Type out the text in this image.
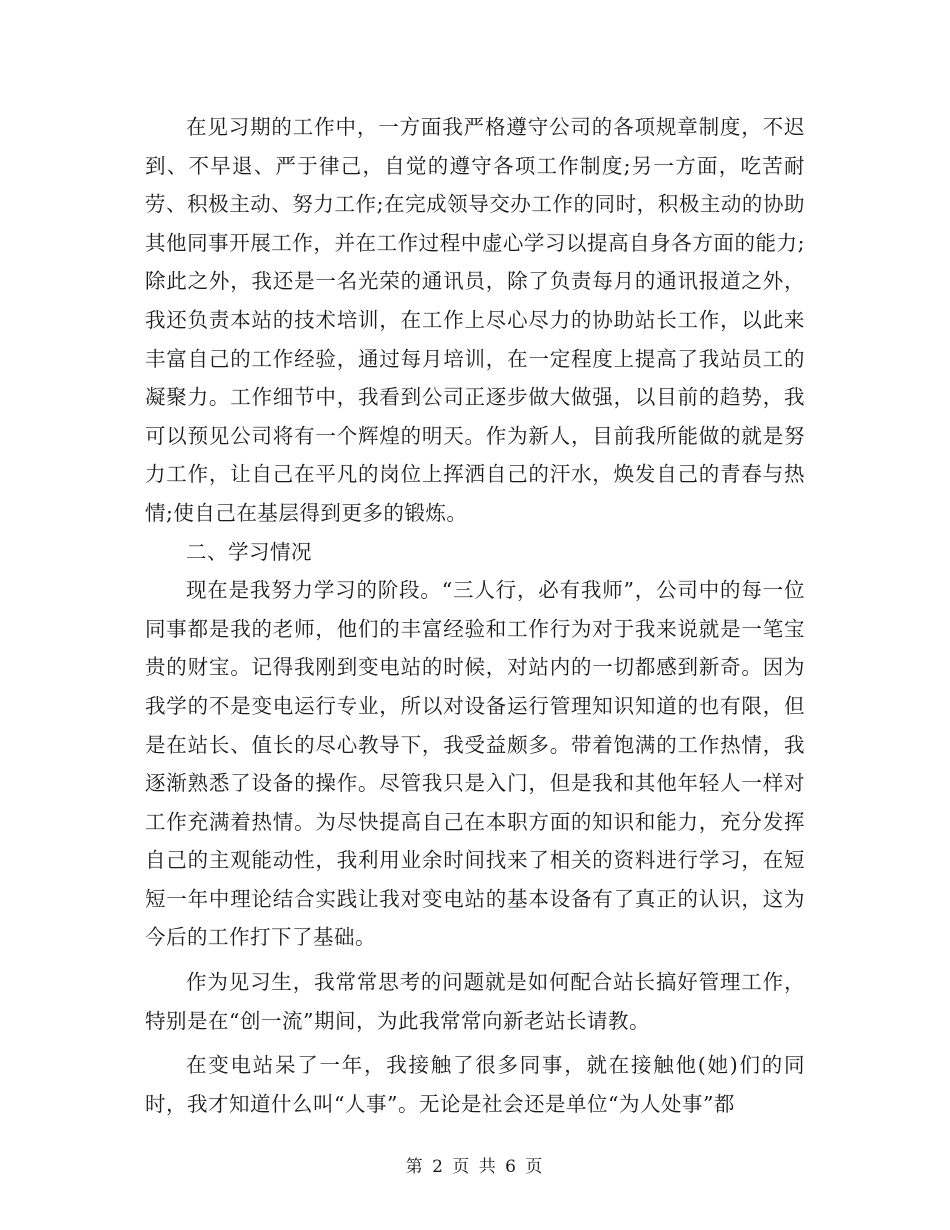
在见习期的工作中，一方面我严格遵守公司的各项规章制度，不迟到、不早退、严于律己，自觉的遵守各项工作制度;另一方面，吃苦耐劳、积极主动、努力工作;在完成领导交办工作的同时，积极主动的协助其他同事开展工作，并在工作过程中虚心学习以提高自身各方面的能力;除此之外，我还是一名光荣的通讯员，除了负责每月的通讯报道之外，我还负责本站的技术培训，在工作上尽心尽力的协助站长工作，以此来丰富自己的工作经验，通过每月培训，在一定程度上提高了我站员工的凝聚力。工作细节中，我看到公司正逐步做大做强，以目前的趋势，我可以预见公司将有一个辉煌的明天。作为新人，目前我所能做的就是努力工作，让自己在平凡的岗位上挥洒自己的汗水，焕发自己的青春与热情;使自己在基层得到更多的锻炼。

二、学习情况

现在是我努力学习的阶段。“三人行，必有我师”，公司中的每一位同事都是我的老师，他们的丰富经验和工作行为对于我来说就是一笔宝贵的财宝。记得我刚到变电站的时候，对站内的一切都感到新奇。因为我学的不是变电运行专业，所以对设备运行管理知识知道的也有限，但是在站长、值长的尽心教导下，我受益颇多。带着饱满的工作热情，我逐渐熟悉了设备的操作。尽管我只是入门，但是我和其他年轻人一样对工作充满着热情。为尽快提高自己在本职方面的知识和能力，充分发挥自己的主观能动性，我利用业余时间找来了相关的资料进行学习，在短短一年中理论结合实践让我对变电站的基本设备有了真正的认识，这为今后的工作打下了基础。

作为见习生，我常常思考的问题就是如何配合站长搞好管理工作，特别是在“创一流”期间，为此我常常向新老站长请教。

在变电站呆了一年，我接触了很多同事，就在接触他(她)们的同时，我才知道什么叫“人事”。无论是社会还是单位“为人处事”都

第 2 页 共 6 页
